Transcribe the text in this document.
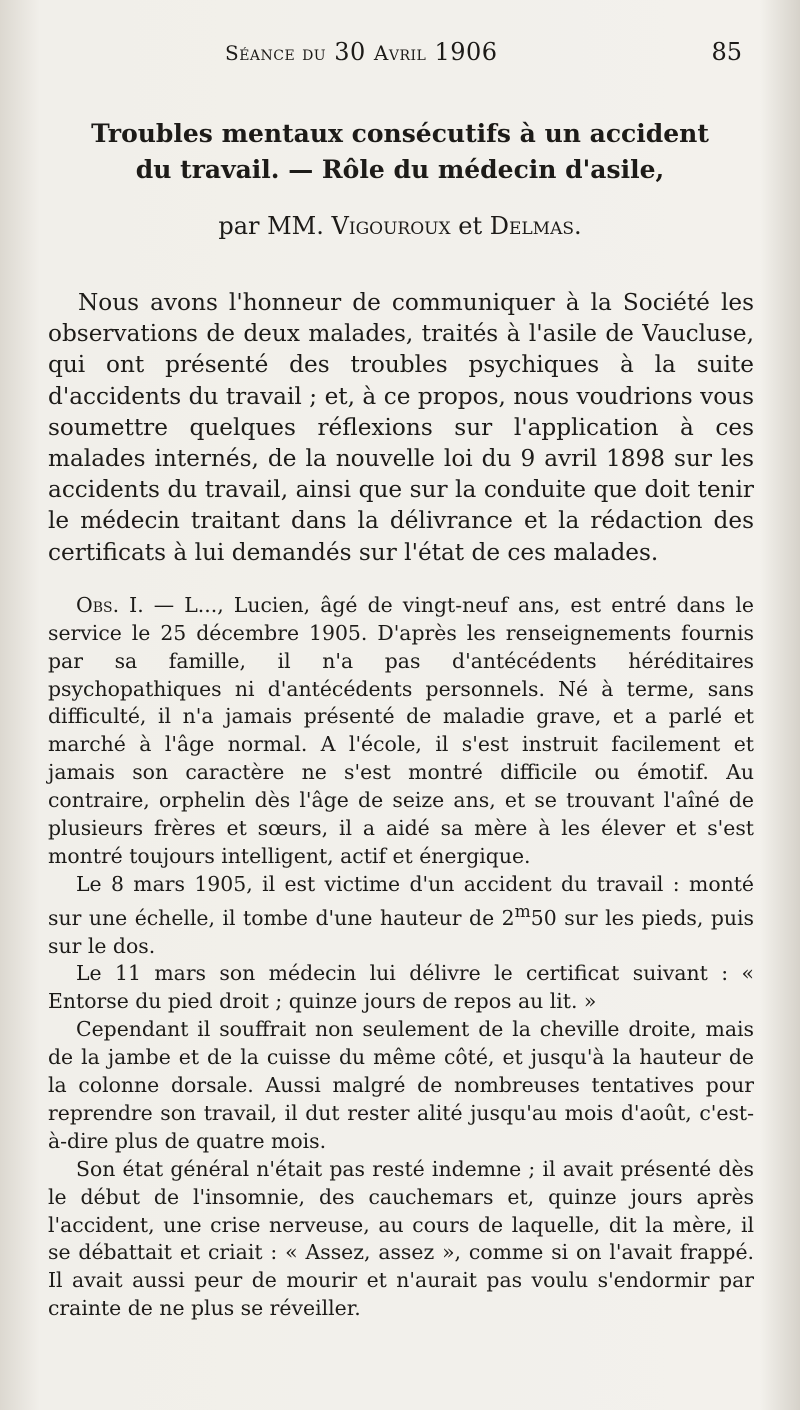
Séance du 30 Avril 1906	85
Troubles mentaux consécutifs à un accident
du travail. — Rôle du médecin d'asile,
par MM. Vigouroux et Delmas.

Nous avons l'honneur de communiquer à la Société les observations de deux malades, traités à l'asile de Vaucluse, qui ont présenté des troubles psychiques à la suite d'accidents du travail ; et, à ce propos, nous voudrions vous soumettre quelques réflexions sur l'application à ces malades internés, de la nouvelle loi du 9 avril 1898 sur les accidents du travail, ainsi que sur la conduite que doit tenir le médecin traitant dans la délivrance et la rédaction des certificats à lui demandés sur l'état de ces malades.

Obs. I. — L..., Lucien, âgé de vingt-neuf ans, est entré dans le service le 25 décembre 1905. D'après les renseignements fournis par sa famille, il n'a pas d'antécédents héréditaires psychopathiques ni d'antécédents personnels. Né à terme, sans difficulté, il n'a jamais présenté de maladie grave, et a parlé et marché à l'âge normal. A l'école, il s'est instruit facilement et jamais son caractère ne s'est montré difficile ou émotif. Au contraire, orphelin dès l'âge de seize ans, et se trouvant l'aîné de plusieurs frères et sœurs, il a aidé sa mère à les élever et s'est montré toujours intelligent, actif et énergique.

Le 8 mars 1905, il est victime d'un accident du travail : monté sur une échelle, il tombe d'une hauteur de 2$^m$50 sur les pieds, puis sur le dos.

Le 11 mars son médecin lui délivre le certificat suivant : « Entorse du pied droit ; quinze jours de repos au lit. »

Cependant il souffrait non seulement de la cheville droite, mais de la jambe et de la cuisse du même côté, et jusqu'à la hauteur de la colonne dorsale. Aussi malgré de nombreuses tentatives pour reprendre son travail, il dut rester alité jusqu'au mois d'août, c'est-à-dire plus de quatre mois.

Son état général n'était pas resté indemne ; il avait présenté dès le début de l'insomnie, des cauchemars et, quinze jours après l'accident, une crise nerveuse, au cours de laquelle, dit la mère, il se débattait et criait : « Assez, assez », comme si on l'avait frappé. Il avait aussi peur de mourir et n'aurait pas voulu s'endormir par crainte de ne plus se réveiller.
